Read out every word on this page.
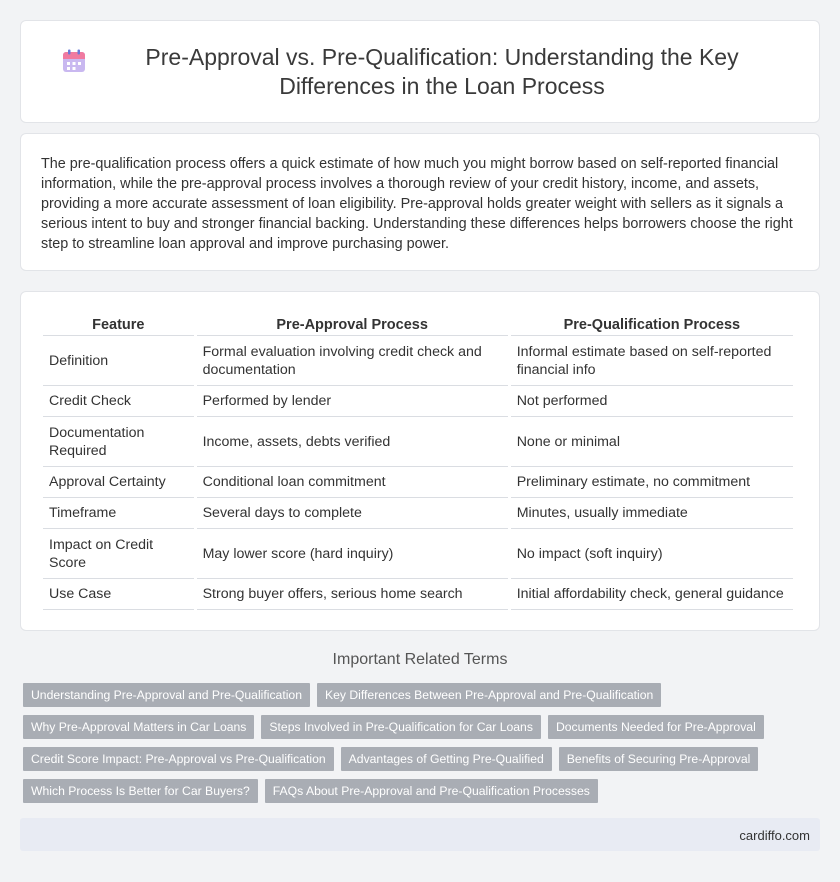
Pre-Approval vs. Pre-Qualification: Understanding the Key Differences in the Loan Process

The pre-qualification process offers a quick estimate of how much you might borrow based on self-reported financial information, while the pre-approval process involves a thorough review of your credit history, income, and assets, providing a more accurate assessment of loan eligibility. Pre-approval holds greater weight with sellers as it signals a serious intent to buy and stronger financial backing. Understanding these differences helps borrowers choose the right step to streamline loan approval and improve purchasing power.

Feature	Pre-Approval Process	Pre-Qualification Process
Definition	Formal evaluation involving credit check and documentation	Informal estimate based on self-reported financial info
Credit Check	Performed by lender	Not performed
Documentation Required	Income, assets, debts verified	None or minimal
Approval Certainty	Conditional loan commitment	Preliminary estimate, no commitment
Timeframe	Several days to complete	Minutes, usually immediate
Impact on Credit Score	May lower score (hard inquiry)	No impact (soft inquiry)
Use Case	Strong buyer offers, serious home search	Initial affordability check, general guidance
Important Related Terms
Understanding Pre-Approval and Pre-Qualification	Key Differences Between Pre-Approval and Pre-Qualification
Why Pre-Approval Matters in Car Loans	Steps Involved in Pre-Qualification for Car Loans	Documents Needed for Pre-Approval
Credit Score Impact: Pre-Approval vs Pre-Qualification	Advantages of Getting Pre-Qualified	Benefits of Securing Pre-Approval
Which Process Is Better for Car Buyers?	FAQs About Pre-Approval and Pre-Qualification Processes
cardiffo.com
